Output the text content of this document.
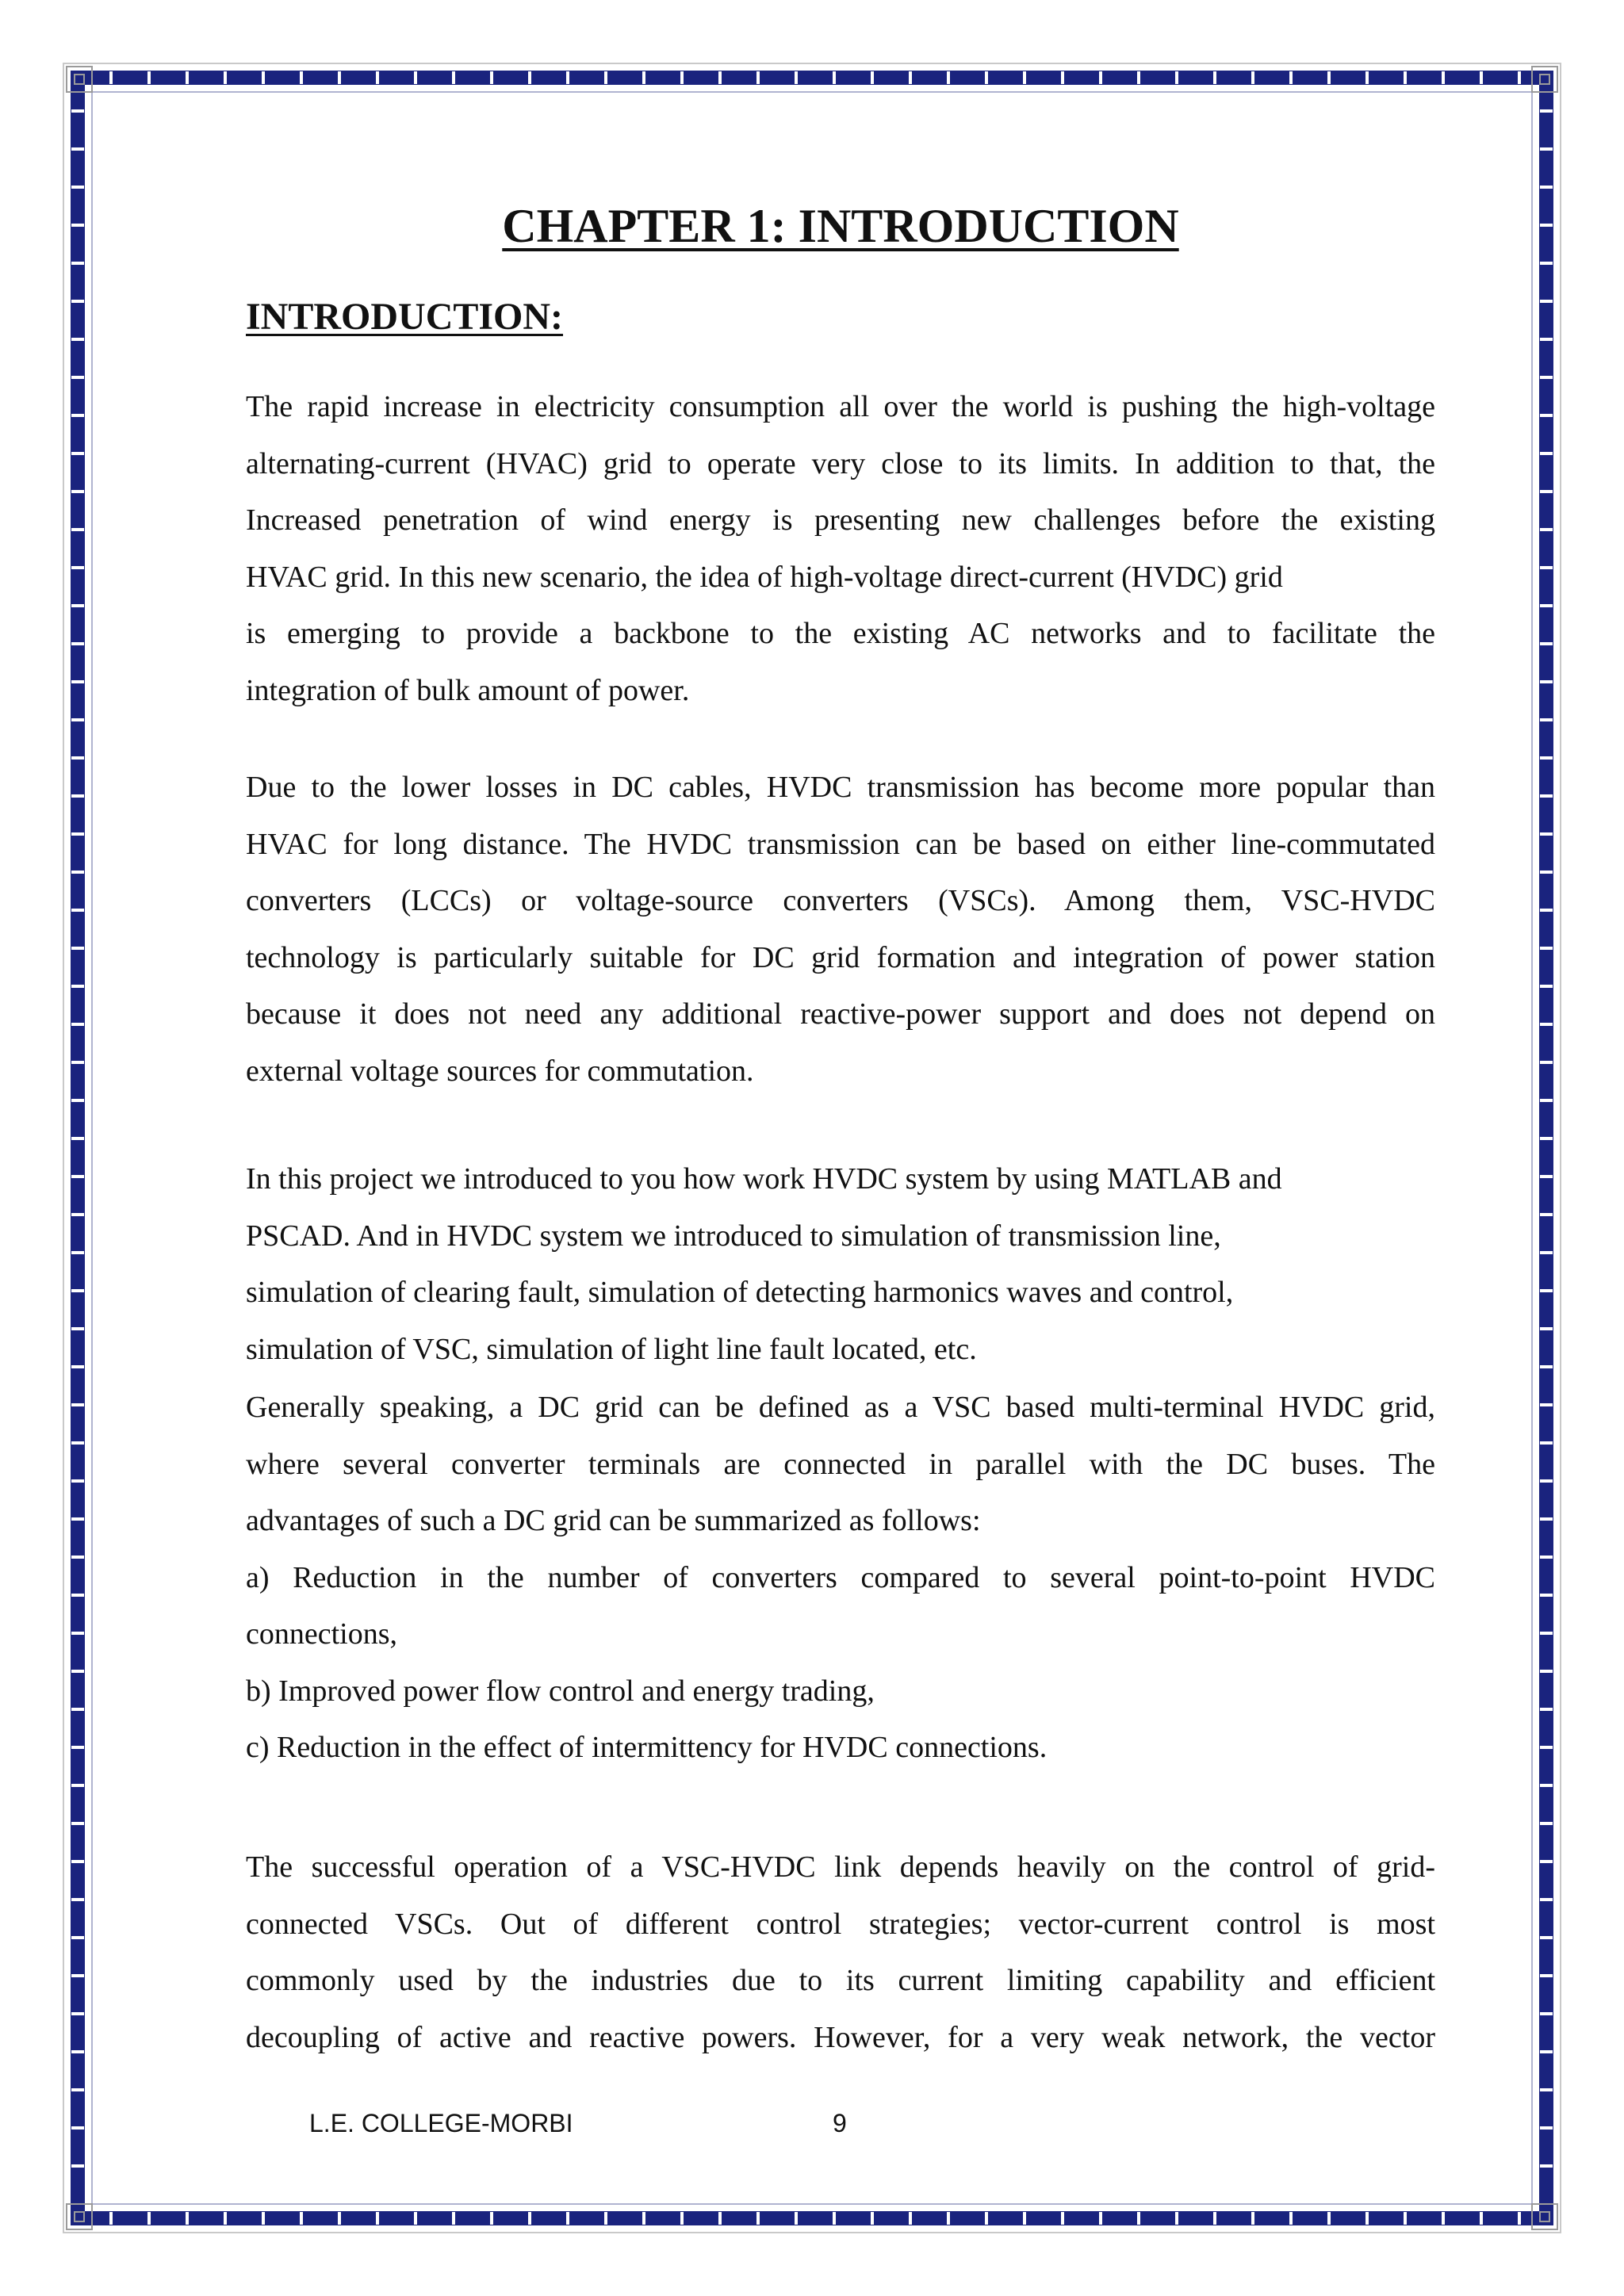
CHAPTER 1: INTRODUCTION
INTRODUCTION:
The rapid increase in electricity consumption all over the world is pushing the high-voltage
alternating-current (HVAC) grid to operate very close to its limits. In addition to that, the
Increased penetration of wind energy is presenting new challenges before the existing
HVAC grid. In this new scenario, the idea of high-voltage direct-current (HVDC) grid
is emerging to provide a backbone to the existing AC networks and to facilitate the
integration of bulk amount of power.
Due to the lower losses in DC cables, HVDC transmission has become more popular than
HVAC for long distance. The HVDC transmission can be based on either line-commutated
converters (LCCs) or voltage-source converters (VSCs). Among them, VSC-HVDC
technology is particularly suitable for DC grid formation and integration of power station
because it does not need any additional reactive-power support and does not depend on
external voltage sources for commutation.
In this project we introduced to you how work HVDC system by using MATLAB and
PSCAD. And in HVDC system we introduced to simulation of transmission line,
simulation of clearing fault, simulation of detecting harmonics waves and control,
simulation of VSC, simulation of light line fault located, etc.
Generally speaking, a DC grid can be defined as a VSC based multi-terminal HVDC grid,
where several converter terminals are connected in parallel with the DC buses. The
advantages of such a DC grid can be summarized as follows:
a) Reduction in the number of converters compared to several point-to-point HVDC
connections,
b) Improved power flow control and energy trading,
c) Reduction in the effect of intermittency for HVDC connections.
The successful operation of a VSC-HVDC link depends heavily on the control of grid-
connected VSCs. Out of different control strategies; vector-current control is most
commonly used by the industries due to its current limiting capability and efficient
decoupling of active and reactive powers. However, for a very weak network, the vector
L.E. COLLEGE-MORBI	9
